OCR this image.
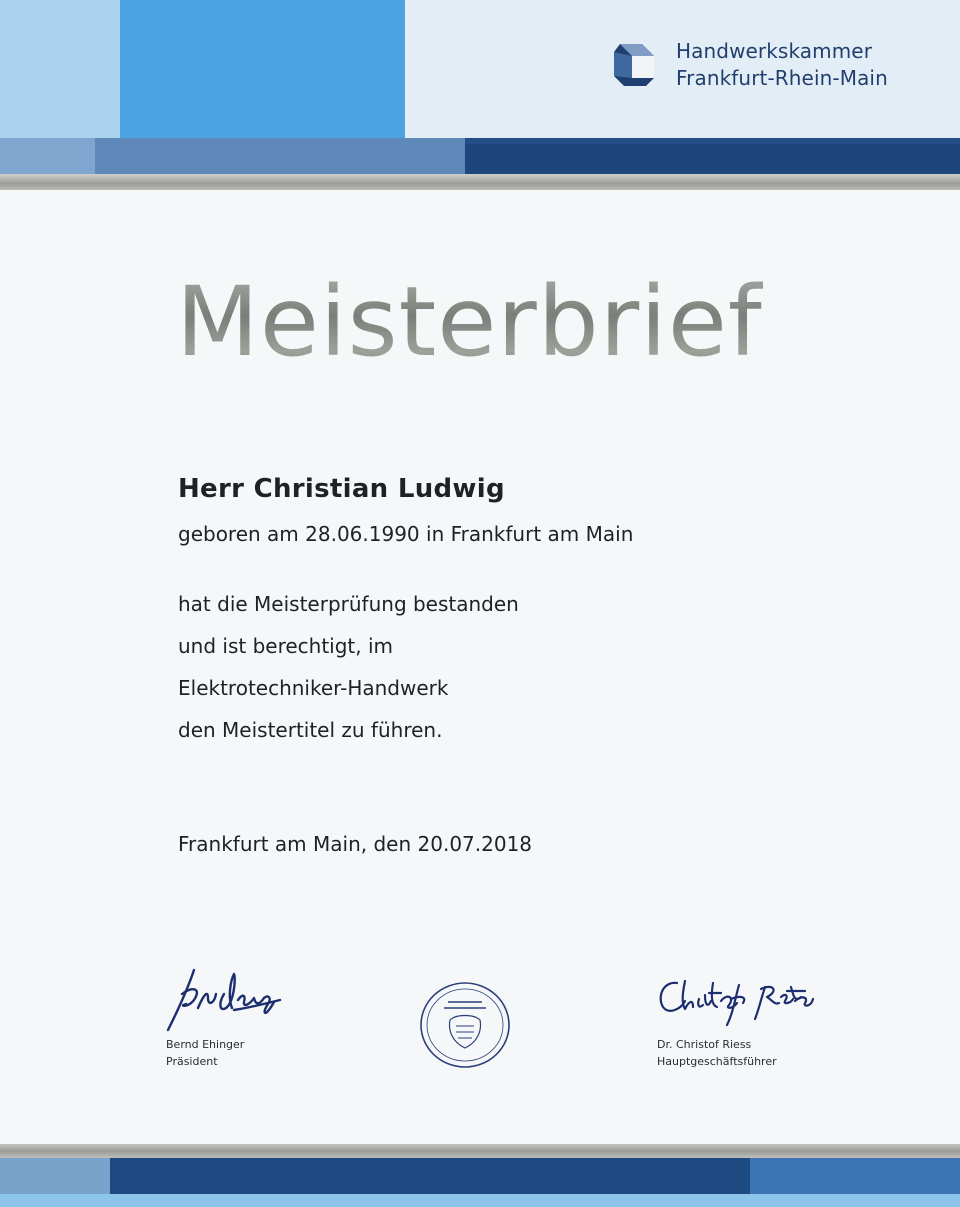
Handwerkskammer
Frankfurt-Rhein-Main
Meisterbrief
Herr Christian Ludwig
geboren am 28.06.1990 in Frankfurt am Main
hat die Meisterprüfung bestanden
und ist berechtigt, im
Elektrotechniker-Handwerk
den Meistertitel zu führen.
Frankfurt am Main, den 20.07.2018
Bernd Ehinger
Präsident
Dr. Christof Riess
Hauptgeschäftsführer
